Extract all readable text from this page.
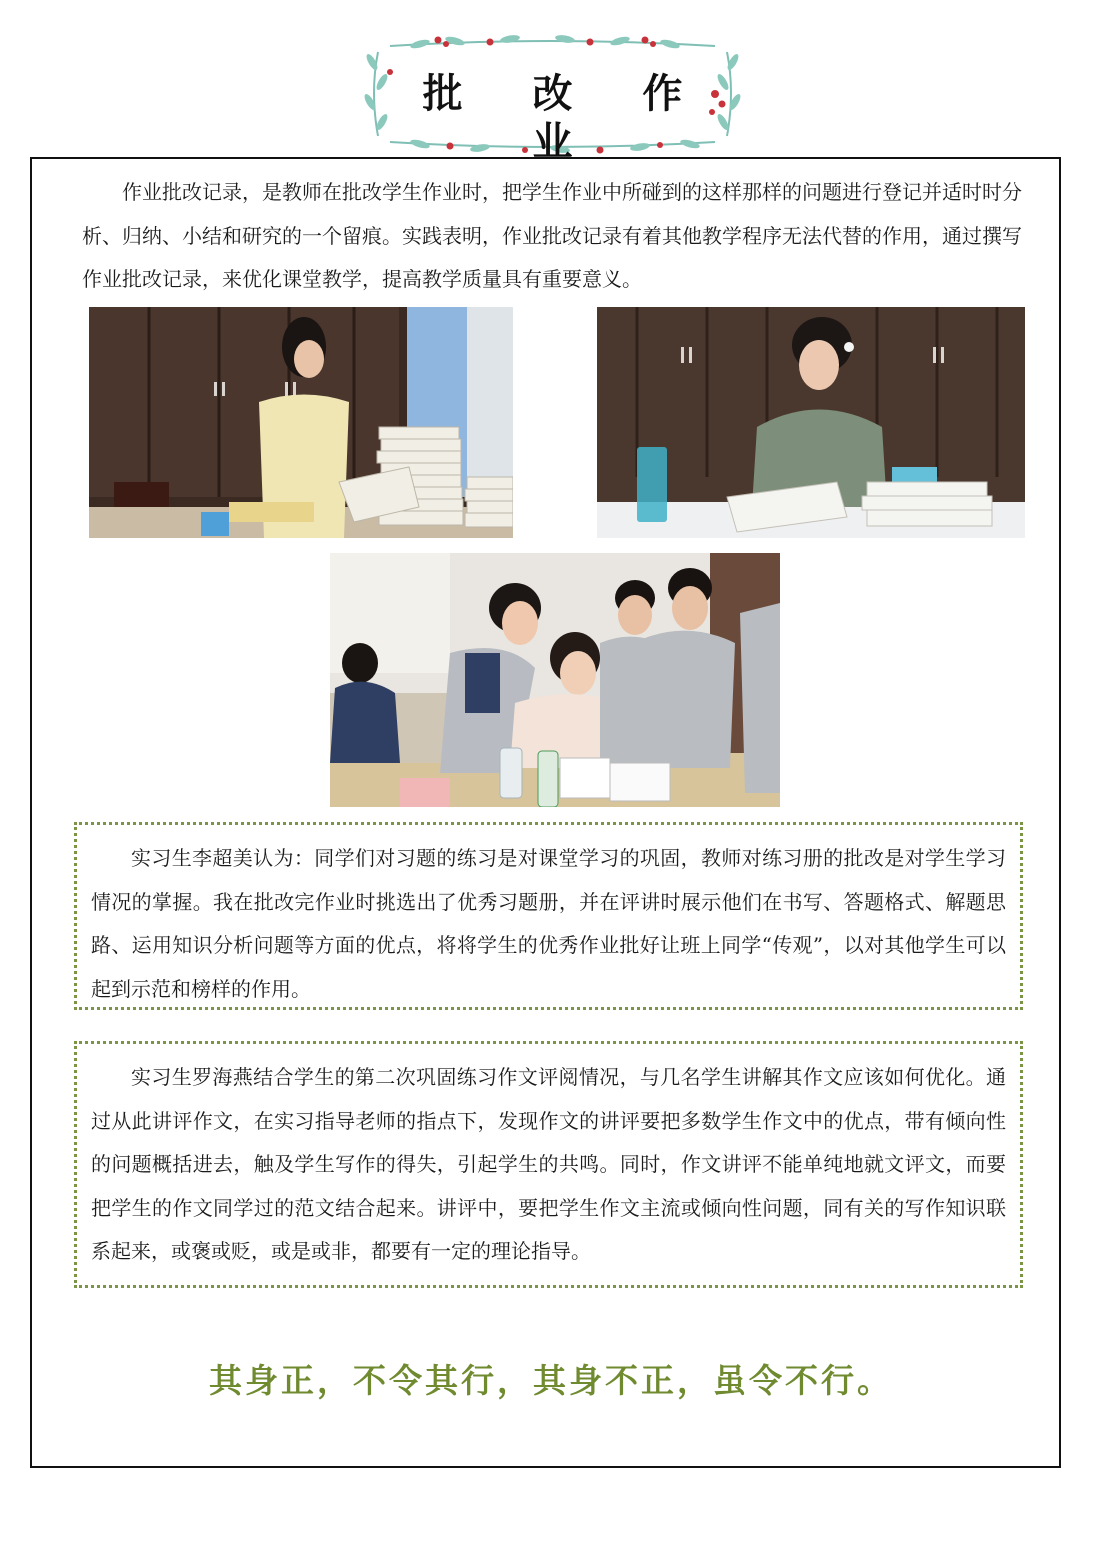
批 改 作 业

作业批改记录，是教师在批改学生作业时，把学生作业中所碰到的这样那样的问题进行登记并适时时分析、归纳、小结和研究的一个留痕。实践表明，作业批改记录有着其他教学程序无法代替的作用，通过撰写作业批改记录，来优化课堂教学，提高教学质量具有重要意义。

实习生李超美认为：同学们对习题的练习是对课堂学习的巩固，教师对练习册的批改是对学生学习情况的掌握。我在批改完作业时挑选出了优秀习题册，并在评讲时展示他们在书写、答题格式、解题思路、运用知识分析问题等方面的优点，将将学生的优秀作业批好让班上同学“传观”，以对其他学生可以起到示范和榜样的作用。

实习生罗海燕结合学生的第二次巩固练习作文评阅情况，与几名学生讲解其作文应该如何优化。通过从此讲评作文，在实习指导老师的指点下，发现作文的讲评要把多数学生作文中的优点，带有倾向性的问题概括进去，触及学生写作的得失，引起学生的共鸣。同时，作文讲评不能单纯地就文评文，而要把学生的作文同学过的范文结合起来。讲评中，要把学生作文主流或倾向性问题，同有关的写作知识联系起来，或褒或贬，或是或非，都要有一定的理论指导。

其身正，不令其行，其身不正，虽令不行。
